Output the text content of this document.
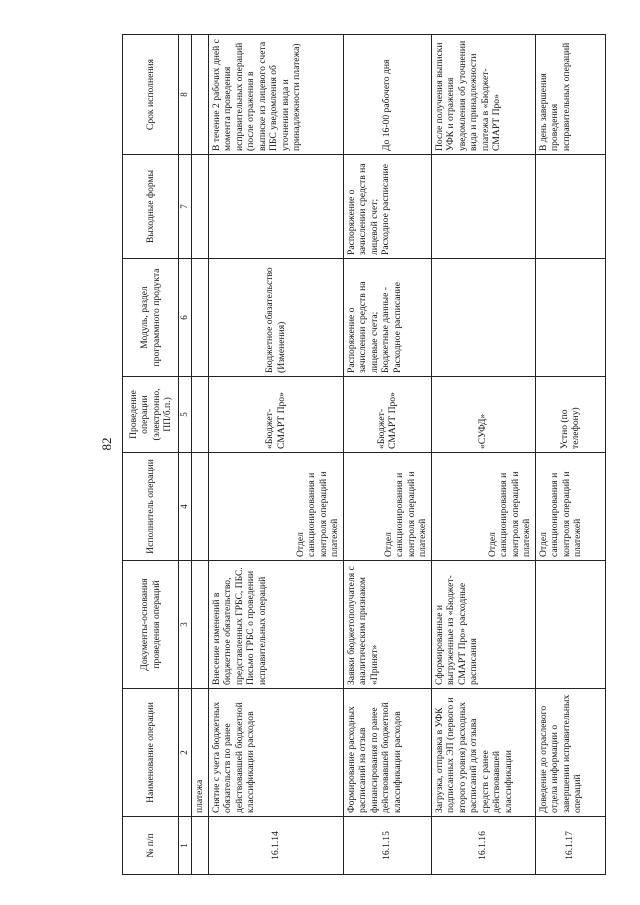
82
№ п/п	Наименование операции	Документы-основания проведения операций	Исполнитель операции	Проведение операции (электронно, ПП/б.п.)	Модуль, раздел программного продукта	Выходные формы	Срок исполнения
1	2	3	4	5	6	7	8
	платежа						
16.1.14	Снятие с учета бюджетных обязательств по ранее действовавшей бюджетной классификации расходов	Внесение изменений в бюджетное обязательство, представленных ГРБС, ПБС. Письмо ГРБС о проведении исправительных операций	Отдел санкционирования и контроля операций и платежей	«Бюджет-СМАРТ Про»	Бюджетное обязательство (Изменения)		В течение 2 рабочих дней с момента проведения исправительных операций (после отражения в выписке из лицевого счета ПБС уведомления об уточнении вида и принадлежности платежа)
16.1.15	Формирование расходных расписаний на отзыв финансирования по ранее действовавшей бюджетной классификации расходов	Заявки бюджетополучателя с аналитическим признаком «Принят»	Отдел санкционирования и контроля операций и платежей	«Бюджет-СМАРТ Про»	Распоряжение о зачислении средств на лицевые счета; Бюджетные данные - Расходное расписание	Распоряжение о зачислении средств на лицевой счет; Расходное расписание	До 16-00 рабочего дня
16.1.16	Загрузка, отправка в УФК подписанных ЭП (первого и второго уровня) расходных расписаний для отзыва средств с ранее действовавшей классификации	Сформированные и выгруженные из «Бюджет-СМАРТ Про» расходные расписания	Отдел санкционирования и контроля операций и платежей	«СУФД»			После получения выписки УФК и отражения уведомления об уточнении вида и принадлежности платежа в «Бюджет-СМАРТ Про»
16.1.17	Доведение до отраслевого отдела информации о завершении исправительных операций		Отдел санкционирования и контроля операций и платежей	Устно (по телефону)			В день завершения проведения исправительных операций
